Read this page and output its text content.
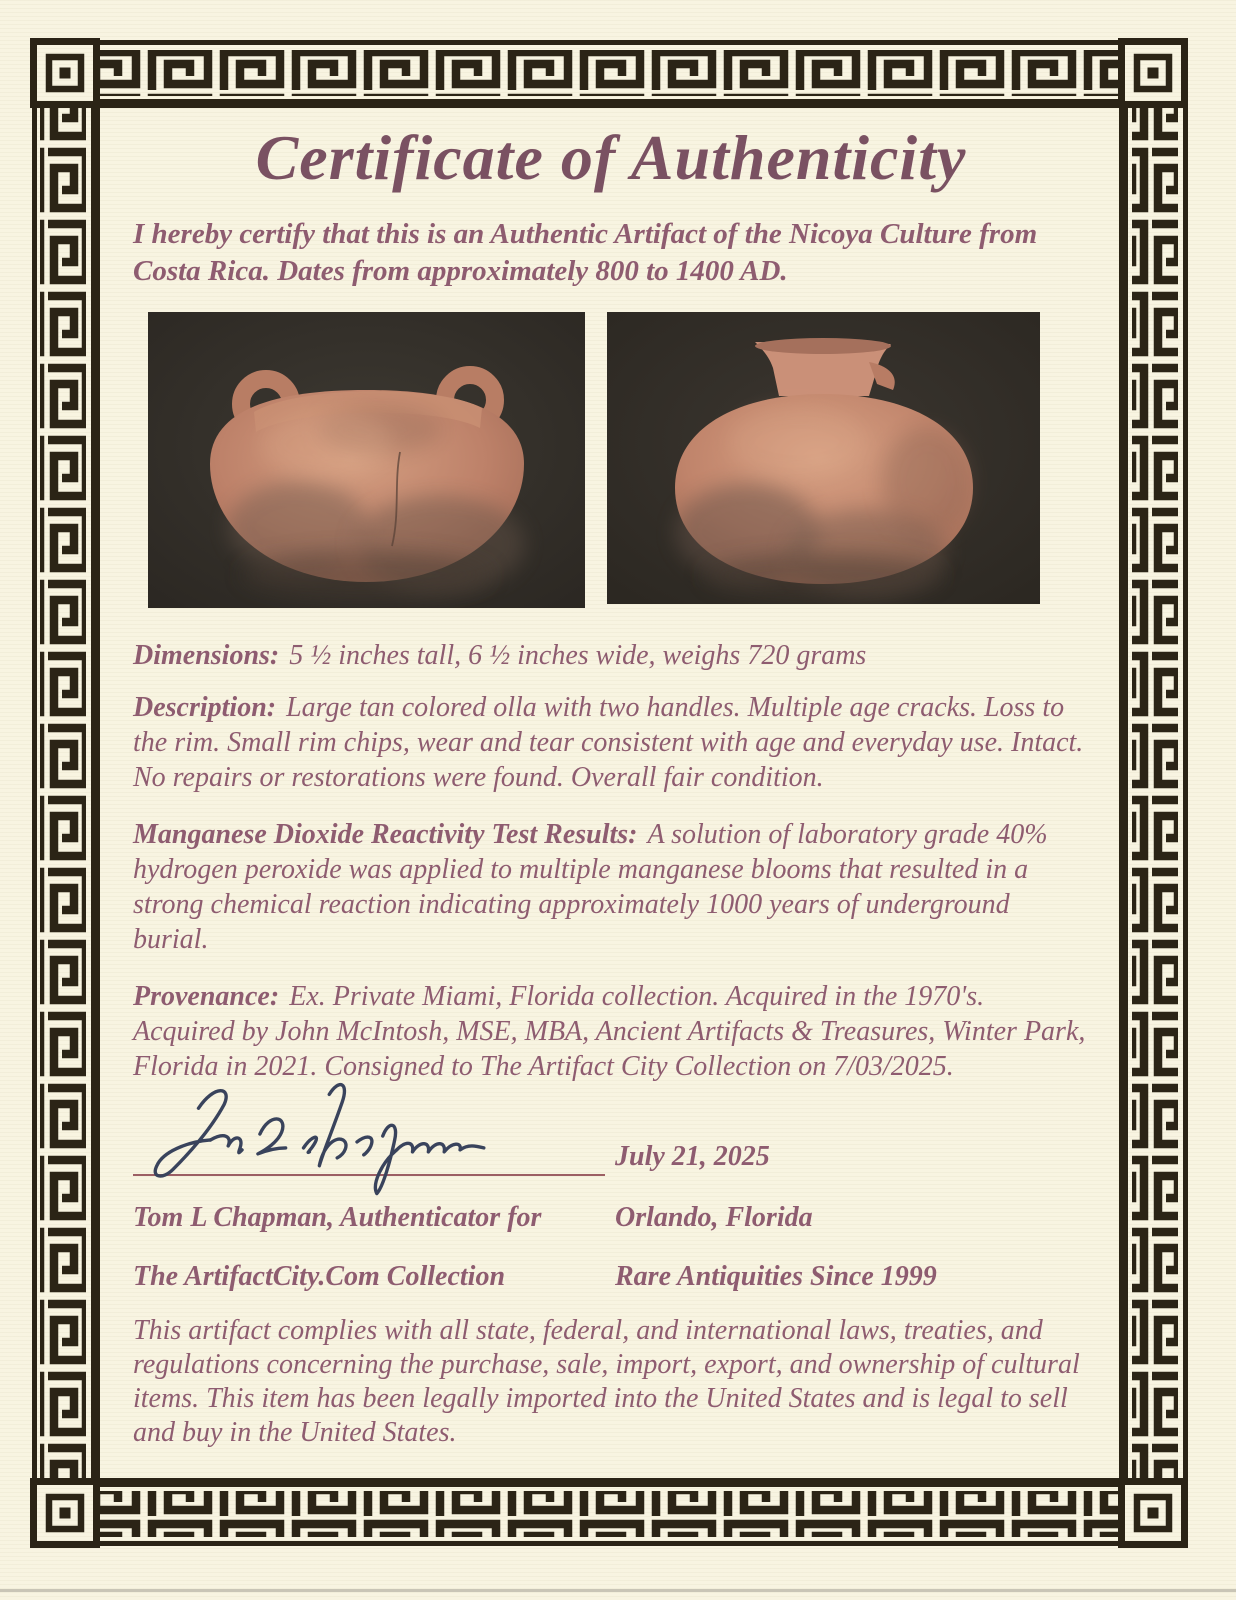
Certificate of Authenticity

I hereby certify that this is an Authentic Artifact of the Nicoya Culture from Costa Rica. Dates from approximately 800 to 1400 AD.

Dimensions: 5 ½ inches tall, 6 ½ inches wide, weighs 720 grams

Description: Large tan colored olla with two handles. Multiple age cracks. Loss to the rim. Small rim chips, wear and tear consistent with age and everyday use. Intact. No repairs or restorations were found. Overall fair condition.

Manganese Dioxide Reactivity Test Results: A solution of laboratory grade 40% hydrogen peroxide was applied to multiple manganese blooms that resulted in a strong chemical reaction indicating approximately 1000 years of underground burial.

Provenance: Ex. Private Miami, Florida collection. Acquired in the 1970's. Acquired by John McIntosh, MSE, MBA, Ancient Artifacts & Treasures, Winter Park, Florida in 2021. Consigned to The Artifact City Collection on 7/03/2025.

July 21, 2025
Tom L Chapman, Authenticator for	Orlando, Florida
The ArtifactCity.Com Collection	Rare Antiquities Since 1999

This artifact complies with all state, federal, and international laws, treaties, and regulations concerning the purchase, sale, import, export, and ownership of cultural items. This item has been legally imported into the United States and is legal to sell and buy in the United States.
